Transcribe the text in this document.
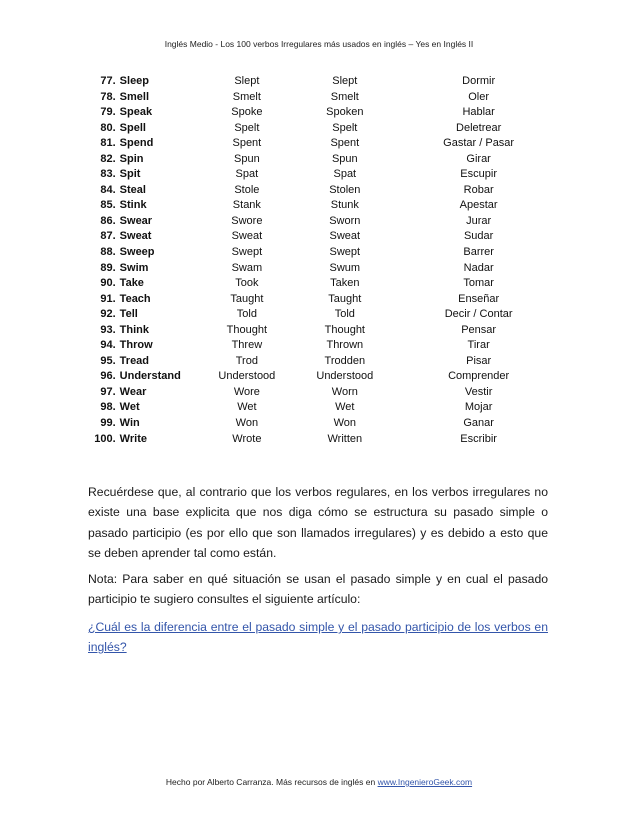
Inglés Medio - Los 100 verbos Irregulares más usados en inglés – Yes en Inglés II
77.	Sleep	Slept	Slept	Dormir
78.	Smell	Smelt	Smelt	Oler
79.	Speak	Spoke	Spoken	Hablar
80.	Spell	Spelt	Spelt	Deletrear
81.	Spend	Spent	Spent	Gastar / Pasar
82.	Spin	Spun	Spun	Girar
83.	Spit	Spat	Spat	Escupir
84.	Steal	Stole	Stolen	Robar
85.	Stink	Stank	Stunk	Apestar
86.	Swear	Swore	Sworn	Jurar
87.	Sweat	Sweat	Sweat	Sudar
88.	Sweep	Swept	Swept	Barrer
89.	Swim	Swam	Swum	Nadar
90.	Take	Took	Taken	Tomar
91.	Teach	Taught	Taught	Enseñar
92.	Tell	Told	Told	Decir / Contar
93.	Think	Thought	Thought	Pensar
94.	Throw	Threw	Thrown	Tirar
95.	Tread	Trod	Trodden	Pisar
96.	Understand	Understood	Understood	Comprender
97.	Wear	Wore	Worn	Vestir
98.	Wet	Wet	Wet	Mojar
99.	Win	Won	Won	Ganar
100.	Write	Wrote	Written	Escribir

Recuérdese que, al contrario que los verbos regulares, en los verbos irregulares no existe una base explicita que nos diga cómo se estructura su pasado simple o pasado participio (es por ello que son llamados irregulares) y es debido a esto que se deben aprender tal como están.

Nota: Para saber en qué situación se usan el pasado simple y en cual el pasado participio te sugiero consultes el siguiente artículo:

¿Cuál es la diferencia entre el pasado simple y el pasado participio de los verbos en inglés?

Hecho por Alberto Carranza. Más recursos de inglés en www.IngenieroGeek.com
